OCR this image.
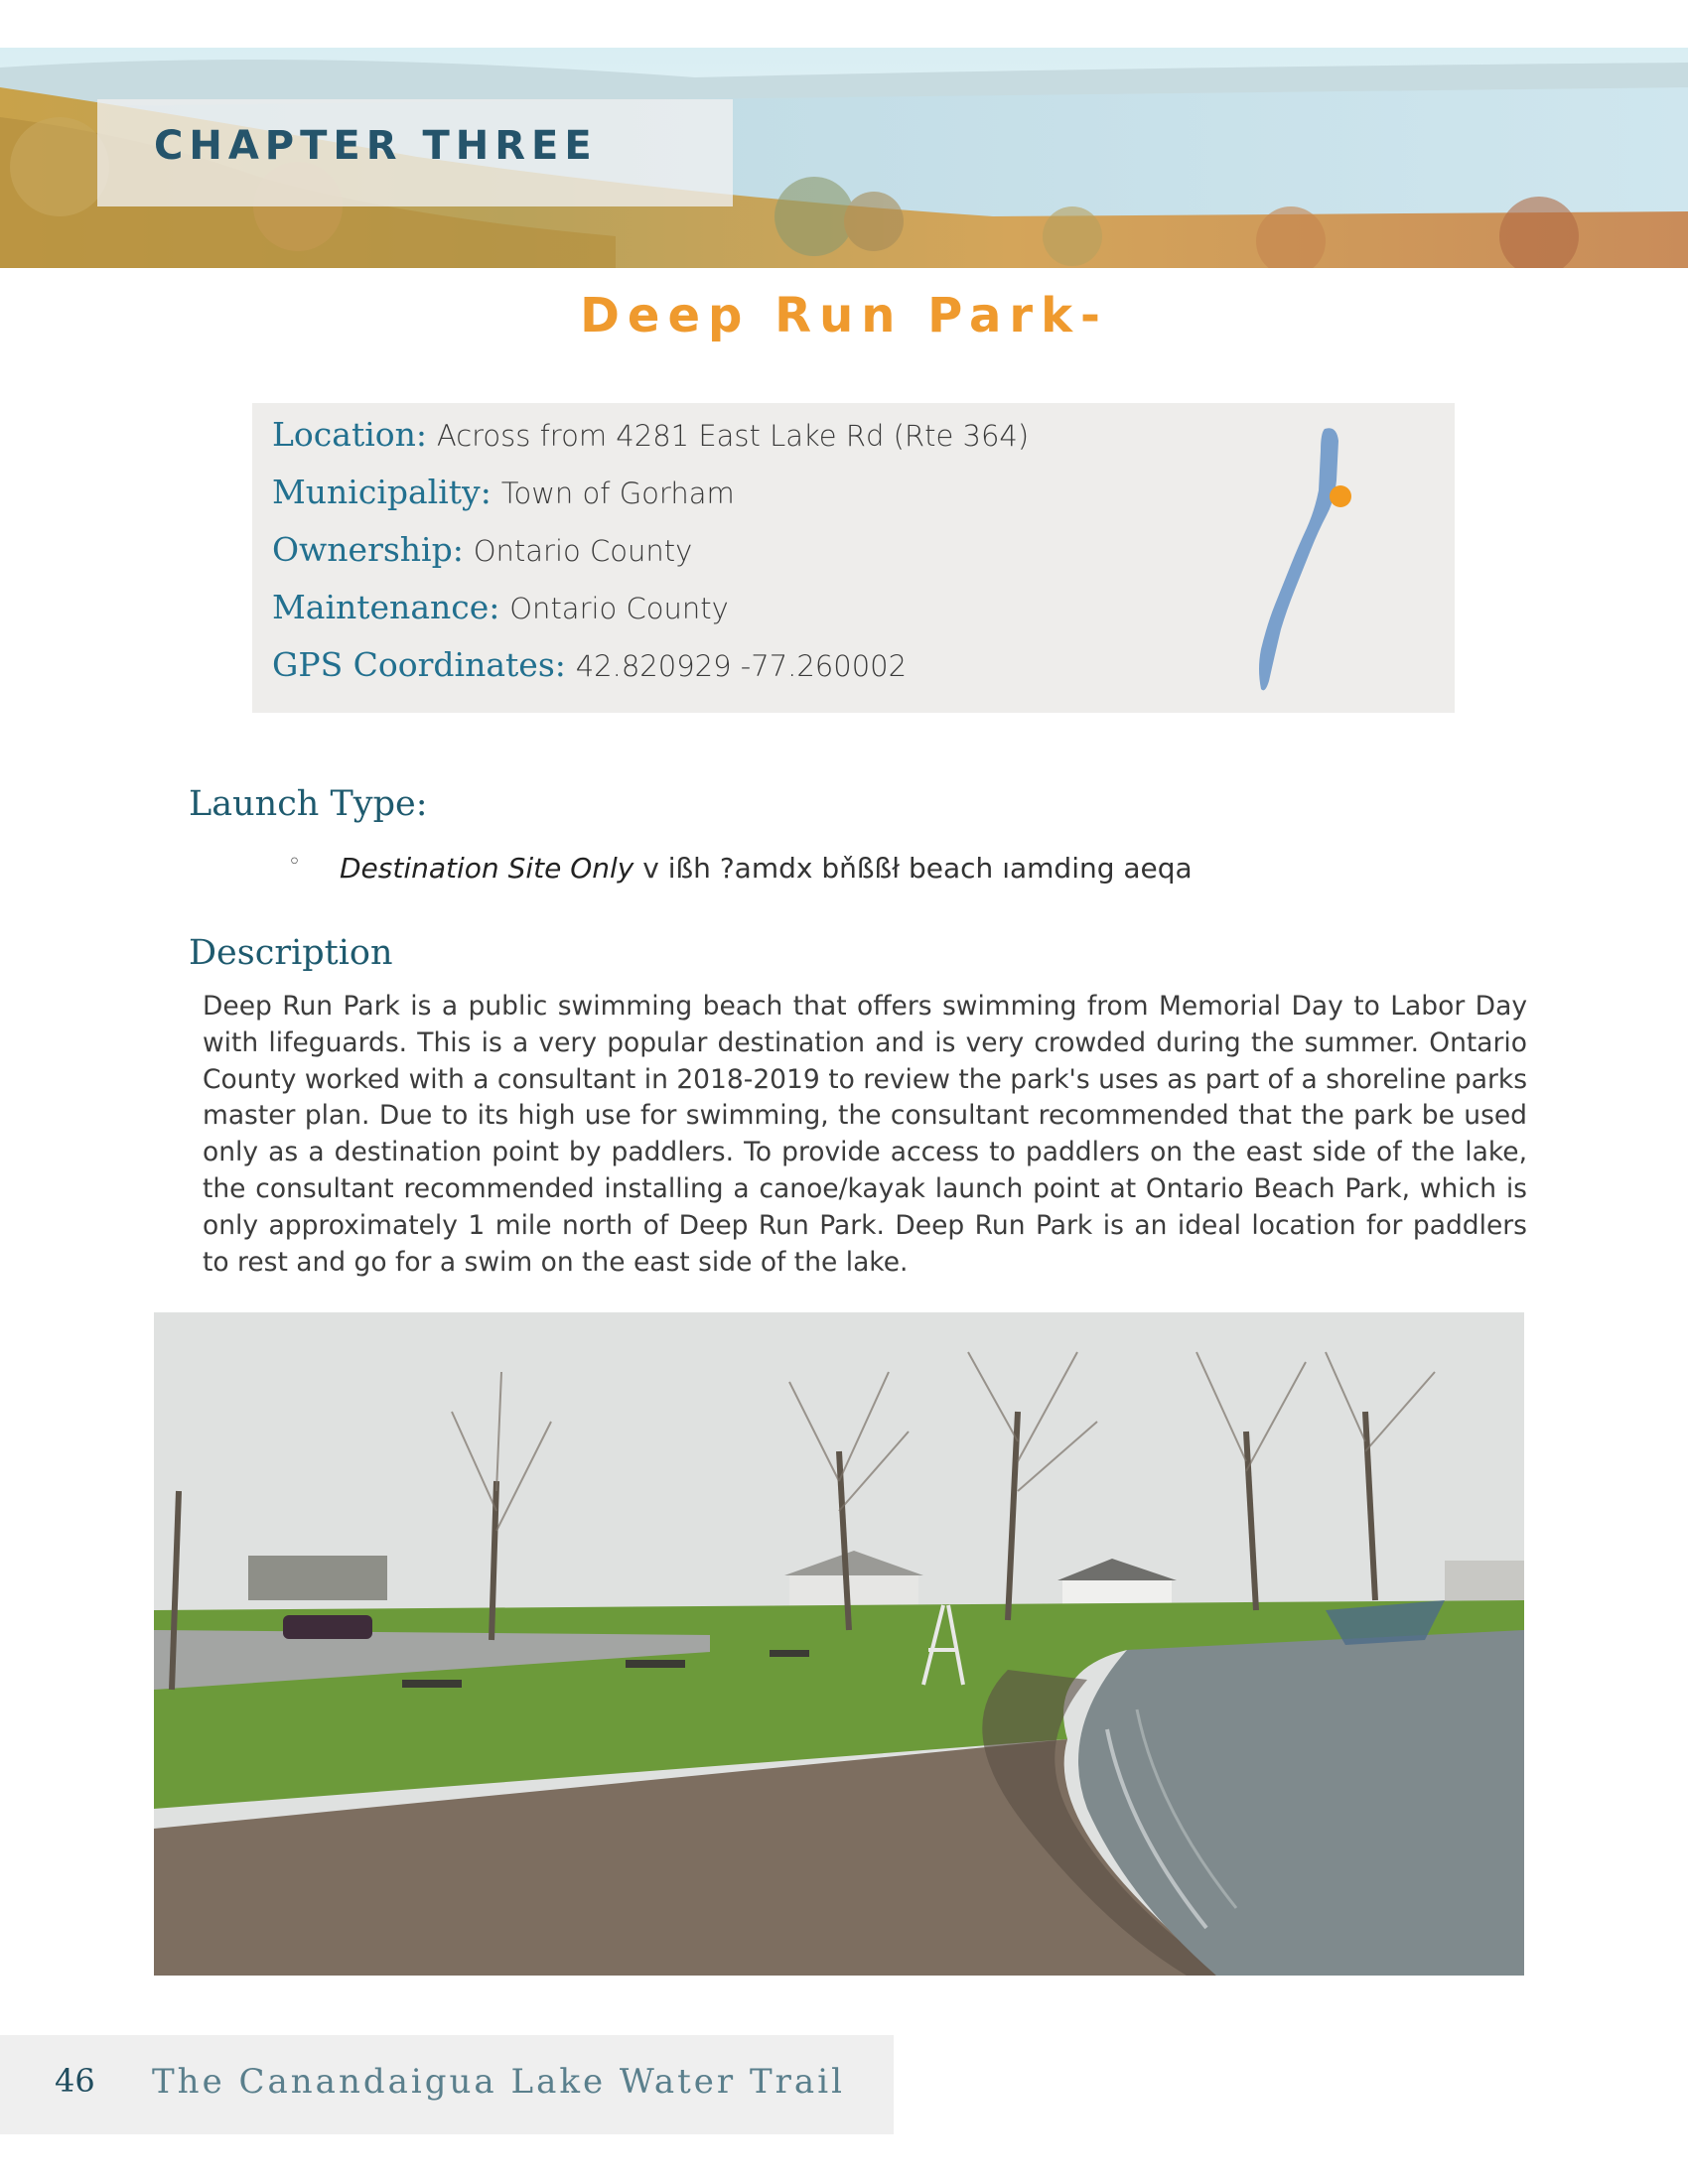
CHAPTER THREE
Deep Run Park-
Location: Across from 4281 East Lake Rd (Rte 364)
Municipality: Town of Gorham
Ownership: Ontario County
Maintenance: Ontario County
GPS Coordinates: 42.820929 -77.260002
Launch Type:
◦ Destination Site Only v ißh ?amdx bňßßł beach ıamding aeqa
Description
Deep Run Park is a public swimming beach that offers swimming from Memorial Day to Labor Day with lifeguards. This is a very popular destination and is very crowded during the summer. Ontario County worked with a consultant in 2018-2019 to review the park's uses as part of a shoreline parks master plan. Due to its high use for swimming, the consultant recommended that the park be used only as a destination point by paddlers. To provide access to paddlers on the east side of the lake, the consultant recommended installing a canoe/kayak launch point at Ontario Beach Park, which is only approximately 1 mile north of Deep Run Park. Deep Run Park is an ideal location for paddlers to rest and go for a swim on the east side of the lake.
46 The Canandaigua Lake Water Trail
